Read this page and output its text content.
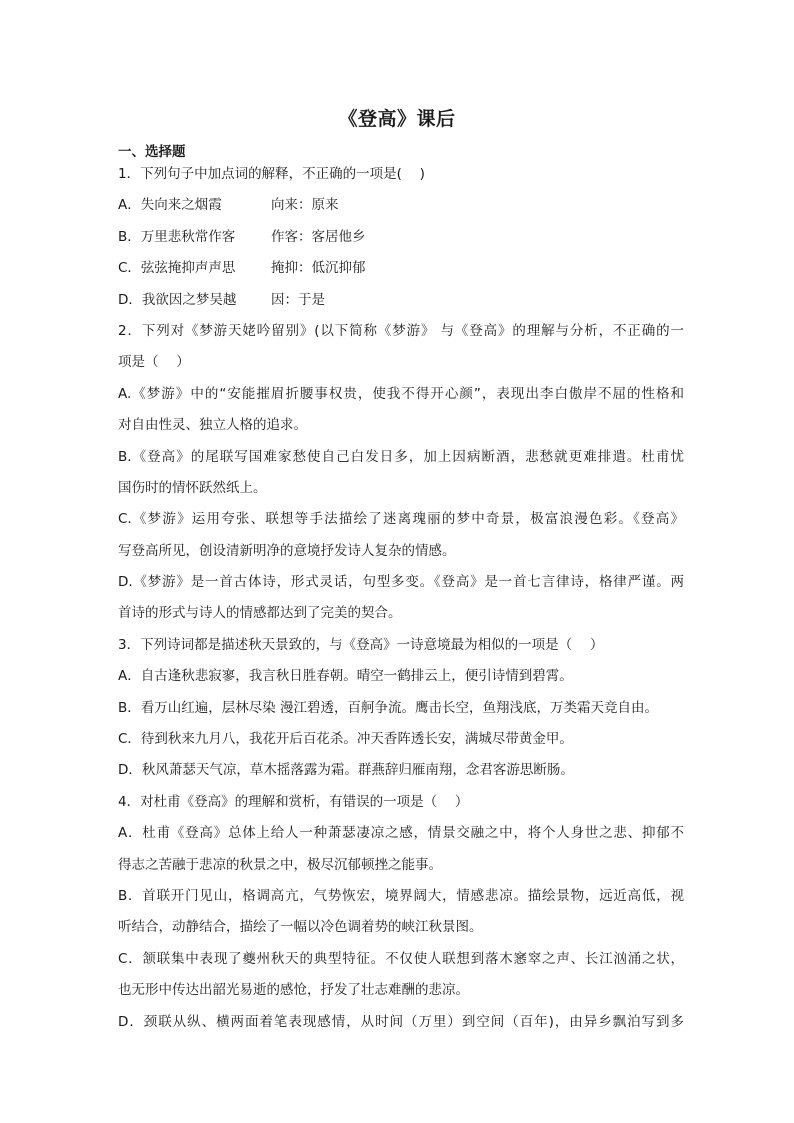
《登高》课后
一、选择题
1．下列句子中加点词的解释，不正确的一项是(　 )
A．失向来之烟霞	向来：原来
B．万里悲秋常作客	作客：客居他乡
C．弦弦掩抑声声思	掩抑：低沉抑郁
D．我欲因之梦吴越	因：于是
2．下列对《梦游天姥吟留别》(以下简称《梦游》 与《登高》的理解与分析，不正确的一
项是（　 ）
A.《梦游》中的“安能摧眉折腰事权贵，使我不得开心颜”，表现出李白傲岸不屈的性格和
对自由性灵、独立人格的追求。
B.《登高》的尾联写国难家愁使自己白发日多，加上因病断酒，悲愁就更难排遣。杜甫忧
国伤时的情怀跃然纸上。
C.《梦游》运用夸张、联想等手法描绘了迷离瑰丽的梦中奇景，极富浪漫色彩。《登高》
写登高所见，创设清新明净的意境抒发诗人复杂的情感。
D.《梦游》是一首古体诗，形式灵话，句型多变。《登高》是一首七言律诗，格律严谨。两
首诗的形式与诗人的情感都达到了完美的契合。
3．下列诗词都是描述秋天景致的，与《登高》一诗意境最为相似的一项是（　 ）
A．自古逢秋悲寂寥，我言秋日胜春朝。晴空一鹤排云上，便引诗情到碧霄。
B．看万山红遍，层林尽染 漫江碧透，百舸争流。鹰击长空，鱼翔浅底，万类霜天竞自由。
C．待到秋来九月八，我花开后百花杀。冲天香阵透长安，满城尽带黄金甲。
D．秋风萧瑟天气凉，草木摇落露为霜。群燕辞归雁南翔，念君客游思断肠。
4．对杜甫《登高》的理解和赏析，有错误的一项是（　 ）
A．杜甫《登高》总体上给人一种萧瑟凄凉之感，情景交融之中，将个人身世之悲、抑郁不
得志之苦融于悲凉的秋景之中，极尽沉郁顿挫之能事。
B．首联开门见山，格调高亢，气势恢宏，境界阔大，情感悲凉。描绘景物，远近高低，视
听结合，动静结合，描绘了一幅以冷色调着势的峡江秋景图。
C．颔联集中表现了夔州秋天的典型特征。不仅使人联想到落木窸窣之声、长江汹涌之状，
也无形中传达出韶光易逝的感怆，抒发了壮志难酬的悲凉。
D．颈联从纵、横两面着笔表现感情，从时间（万里）到空间（百年)，由异乡飘泊写到多
